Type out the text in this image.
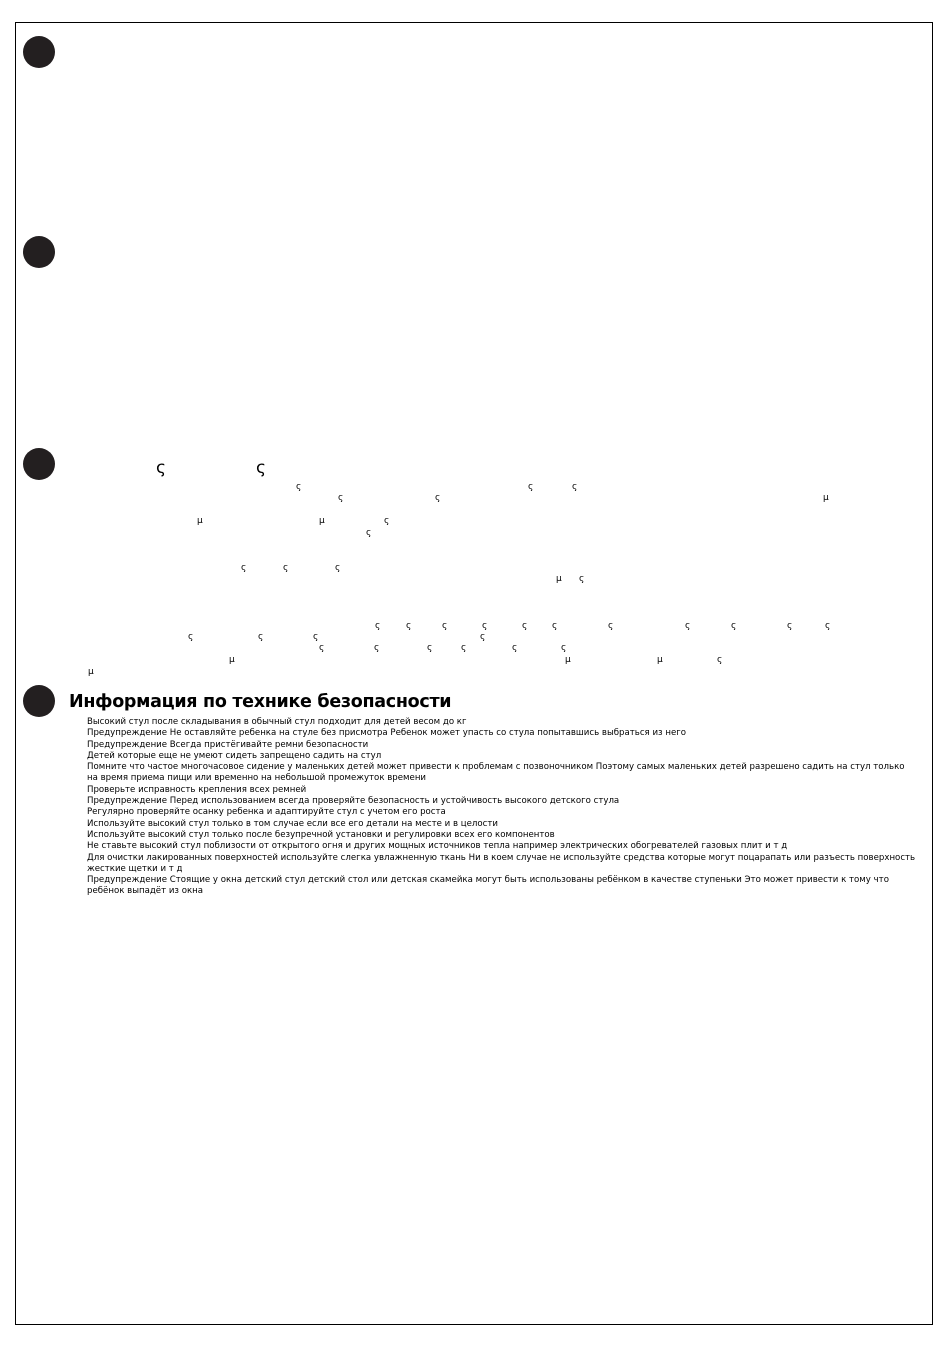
ς	ς
ς	ς	ς
ς	ς	μ
μ	μ	ς
ς
ς	ς	ς
μ ς
ς	ς	ς	ς	ς	ς	ς	ς	ς	ς	ς
ς	ς	ς	ς
ς	ς	ς	ς	ς	ς
μ	μ	μ	ς
μ
Информация по технике безопасности
Высокий стул после складывания в обычный стул подходит для детей весом до кг
Предупреждение Не оставляйте ребенка на стуле без присмотра Ребенок может упасть со стула попытавшись выбраться из него
Предупреждение Всегда пристёгивайте ремни безопасности
Детей которые еще не умеют сидеть запрещено садить на стул
Помните что частое многочасовое сидение у маленьких детей может привести к проблемам с позвоночником Поэтому самых маленьких детей разрешено садить на стул только на время приема пищи или временно на небольшой промежуток времени
Проверьте исправность крепления всех ремней
Предупреждение Перед использованием всегда проверяйте безопасность и устойчивость высокого детского стула
Регулярно проверяйте осанку ребенка и адаптируйте стул с учетом его роста
Используйте высокий стул только в том случае если все его детали на месте и в целости
Используйте высокий стул только после безупречной установки и регулировки всех его компонентов
Не ставьте высокий стул поблизости от открытого огня и других мощных источников тепла например электрических обогревателей газовых плит и т д
Для очистки лакированных поверхностей используйте слегка увлажненную ткань Ни в коем случае не используйте средства которые могут поцарапать или разъесть поверхность жесткие щетки и т д
Предупреждение Стоящие у окна детский стул детский стол или детская скамейка могут быть использованы ребёнком в качестве ступеньки Это может привести к тому что ребёнок выпадёт из окна
